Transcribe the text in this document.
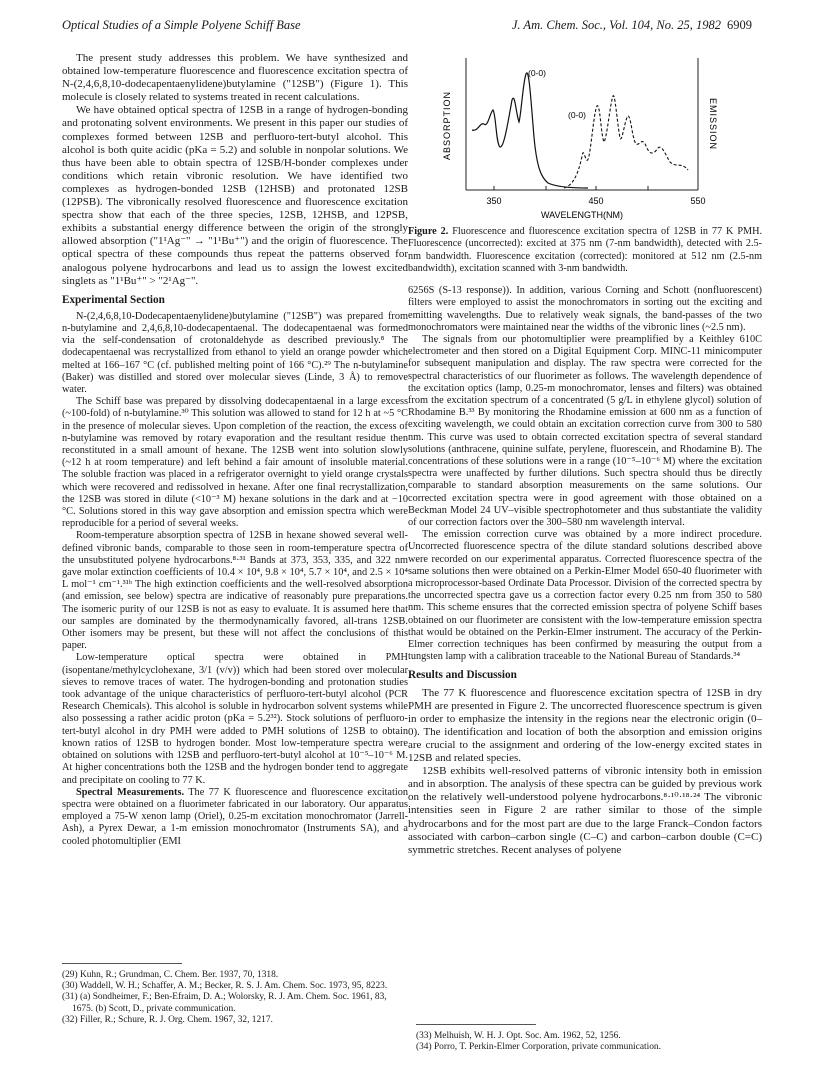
Optical Studies of a Simple Polyene Schiff Base	J. Am. Chem. Soc., Vol. 104, No. 25, 1982 6909

The present study addresses this problem. We have synthesized and obtained low-temperature fluorescence and fluorescence excitation spectra of N-(2,4,6,8,10-dodecapentaenylidene)butylamine ("12SB") (Figure 1). This molecule is closely related to systems treated in recent calculations.

We have obtained optical spectra of 12SB in a range of hydrogen-bonding and protonating solvent environments. We present in this paper our studies of complexes formed between 12SB and perfluoro-tert-butyl alcohol. This alcohol is both quite acidic (pKa = 5.2) and soluble in nonpolar solutions. We thus have been able to obtain spectra of 12SB/H-bonder complexes under conditions which retain vibronic resolution. We have identified two complexes as hydrogen-bonded 12SB (12HSB) and protonated 12SB (12PSB). The vibronically resolved fluorescence and fluorescence excitation spectra show that each of the three species, 12SB, 12HSB, and 12PSB, exhibits a substantial energy difference between the origin of the strongly allowed absorption ("1¹Ag⁻" → "1¹Bu⁺") and the origin of fluorescence. The optical spectra of these compounds thus repeat the patterns observed for analogous polyene hydrocarbons and lead us to assign the lowest excited singlets as "1¹Bu⁺" > "2¹Ag⁻".

Experimental Section

N-(2,4,6,8,10-Dodecapentaenylidene)butylamine ("12SB") was prepared from n-butylamine and 2,4,6,8,10-dodecapentaenal. The dodecapentaenal was formed via the self-condensation of crotonaldehyde as described previously.⁸ The dodecapentaenal was recrystallized from ethanol to yield an orange powder which melted at 166–167 °C (cf. published melting point of 166 °C).²⁹ The n-butylamine (Baker) was distilled and stored over molecular sieves (Linde, 3 Å) to remove water.

The Schiff base was prepared by dissolving dodecapentaenal in a large excess (~100-fold) of n-butylamine.³⁰ This solution was allowed to stand for 12 h at ~5 °C in the presence of molecular sieves. Upon completion of the reaction, the excess of n-butylamine was removed by rotary evaporation and the resultant residue then reconstituted in a small amount of hexane. The 12SB went into solution slowly (~12 h at room temperature) and left behind a fair amount of insoluble material. The soluble fraction was placed in a refrigerator overnight to yield orange crystals which were recovered and redissolved in hexane. After one final recrystallization, the 12SB was stored in dilute (<10⁻³ M) hexane solutions in the dark and at −10 °C. Solutions stored in this way gave absorption and emission spectra which were reproducible for a period of several weeks.

Room-temperature absorption spectra of 12SB in hexane showed several well-defined vibronic bands, comparable to those seen in room-temperature spectra of the unsubstituted polyene hydrocarbons.⁸·³¹ Bands at 373, 353, 335, and 322 nm gave molar extinction coefficients of 10.4 × 10⁴, 9.8 × 10⁴, 5.7 × 10⁴, and 2.5 × 10⁴ L mol⁻¹ cm⁻¹.³¹ᵇ The high extinction coefficients and the well-resolved absorption (and emission, see below) spectra are indicative of reasonably pure preparations. The isomeric purity of our 12SB is not as easy to evaluate. It is assumed here that our samples are dominated by the thermodynamically favored, all-trans 12SB. Other isomers may be present, but these will not affect the conclusions of this paper.

Low-temperature optical spectra were obtained in PMH (isopentane/methylcyclohexane, 3/1 (v/v)) which had been stored over molecular sieves to remove traces of water. The hydrogen-bonding and protonation studies took advantage of the unique characteristics of perfluoro-tert-butyl alcohol (PCR Research Chemicals). This alcohol is soluble in hydrocarbon solvent systems while also possessing a rather acidic proton (pKa = 5.2³²). Stock solutions of perfluoro-tert-butyl alcohol in dry PMH were added to PMH solutions of 12SB to obtain known ratios of 12SB to hydrogen bonder. Most low-temperature spectra were obtained on solutions with 12SB and perfluoro-tert-butyl alcohol at 10⁻⁵–10⁻⁶ M. At higher concentrations both the 12SB and the hydrogen bonder tend to aggregate and precipitate on cooling to 77 K.

Spectral Measurements. The 77 K fluorescence and fluorescence excitation spectra were obtained on a fluorimeter fabricated in our laboratory. Our apparatus employed a 75-W xenon lamp (Oriel), 0.25-m excitation monochromator (Jarrell-Ash), a Pyrex Dewar, a 1-m emission monochromator (Instruments SA), and a cooled photomultiplier (EMI

(29) Kuhn, R.; Grundman, C. Chem. Ber. 1937, 70, 1318.

(30) Waddell, W. H.; Schaffer, A. M.; Becker, R. S. J. Am. Chem. Soc. 1973, 95, 8223.

(31) (a) Sondheimer, F.; Ben-Efraim, D. A.; Wolorsky, R. J. Am. Chem. Soc. 1961, 83, 1675. (b) Scott, D., private communication.

(32) Filler, R.; Schure, R. J. Org. Chem. 1967, 32, 1217.

(0-0)
(0-0)
ABSORPTION	EMISSION
350	450	550
WAVELENGTH(NM)
Figure 2. Fluorescence and fluorescence excitation spectra of 12SB in 77 K PMH. Fluorescence (uncorrected): excited at 375 nm (7-nm bandwidth), detected with 2.5-nm bandwidth. Fluorescence excitation (corrected): monitored at 512 nm (2.5-nm bandwidth), excitation scanned with 3-nm bandwidth.

6256S (S-13 response)). In addition, various Corning and Schott (nonfluorescent) filters were employed to assist the monochromators in sorting out the exciting and emitting wavelengths. Due to relatively weak signals, the band-passes of the two monochromators were maintained near the widths of the vibronic lines (~2.5 nm).

The signals from our photomultiplier were preamplified by a Keithley 610C electrometer and then stored on a Digital Equipment Corp. MINC-11 minicomputer for subsequent manipulation and display. The raw spectra were corrected for the spectral characteristics of our fluorimeter as follows. The wavelength dependence of the excitation optics (lamp, 0.25-m monochromator, lenses and filters) was obtained from the excitation spectrum of a concentrated (5 g/L in ethylene glycol) solution of Rhodamine B.³³ By monitoring the Rhodamine emission at 600 nm as a function of exciting wavelength, we could obtain an excitation correction curve from 300 to 580 nm. This curve was used to obtain corrected excitation spectra of several standard solutions (anthracene, quinine sulfate, perylene, fluorescein, and Rhodamine B). The concentrations of these solutions were in a range (10⁻⁵–10⁻⁶ M) where the excitation spectra were unaffected by further dilutions. Such spectra should thus be directly comparable to standard absorption measurements on the same solutions. Our corrected excitation spectra were in good agreement with those obtained on a Beckman Model 24 UV–visible spectrophotometer and thus substantiate the validity of our correction factors over the 300–580 nm wavelength interval.

The emission correction curve was obtained by a more indirect procedure. Uncorrected fluorescence spectra of the dilute standard solutions described above were recorded on our experimental apparatus. Corrected fluorescence spectra of the same solutions then were obtained on a Perkin-Elmer Model 650-40 fluorimeter with a microprocessor-based Ordinate Data Processor. Division of the corrected spectra by the uncorrected spectra gave us a correction factor every 0.25 nm from 350 to 580 nm. This scheme ensures that the corrected emission spectra of polyene Schiff bases obtained on our fluorimeter are consistent with the low-temperature emission spectra that would be obtained on the Perkin-Elmer instrument. The accuracy of the Perkin-Elmer correction techniques has been confirmed by measuring the output from a tungsten lamp with a calibration traceable to the National Bureau of Standards.³⁴

Results and Discussion

The 77 K fluorescence and fluorescence excitation spectra of 12SB in dry PMH are presented in Figure 2. The uncorrected fluorescence spectrum is given in order to emphasize the intensity in the regions near the electronic origin (0–0). The identification and location of both the absorption and emission origins are crucial to the assignment and ordering of the low-energy excited states in 12SB and related species.

12SB exhibits well-resolved patterns of vibronic intensity both in emission and in absorption. The analysis of these spectra can be guided by previous work on the relatively well-understood polyene hydrocarbons.⁸·¹⁰·¹⁸·²⁴ The vibronic intensities seen in Figure 2 are rather similar to those of the simple hydrocarbons and for the most part are due to the large Franck–Condon factors associated with carbon–carbon single (C–C) and carbon–carbon double (C=C) symmetric stretches. Recent analyses of polyene

(33) Melhuish, W. H. J. Opt. Soc. Am. 1962, 52, 1256.

(34) Porro, T. Perkin-Elmer Corporation, private communication.
